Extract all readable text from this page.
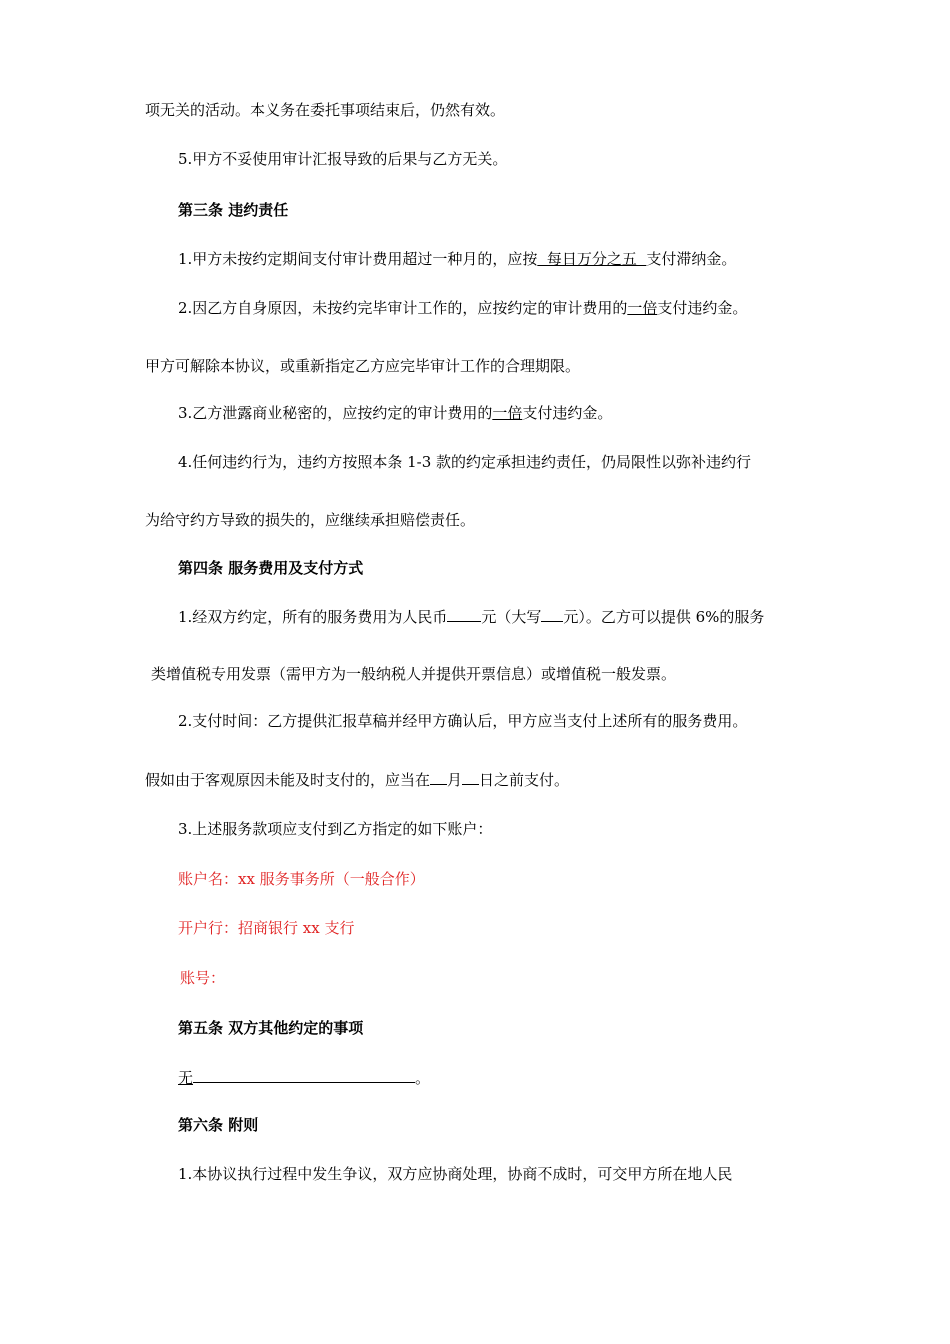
项无关的活动。本义务在委托事项结束后，仍然有效。
5.甲方不妥使用审计汇报导致的后果与乙方无关。
第三条 违约责任
1.甲方未按约定期间支付审计费用超过一种月的，应按  每日万分之五  支付滞纳金。
2.因乙方自身原因，未按约完毕审计工作的，应按约定的审计费用的一倍支付违约金。
甲方可解除本协议，或重新指定乙方应完毕审计工作的合理期限。
3.乙方泄露商业秘密的，应按约定的审计费用的一倍支付违约金。
4.任何违约行为，违约方按照本条 1-3 款的约定承担违约责任，仍局限性以弥补违约行
为给守约方导致的损失的，应继续承担赔偿责任。
第四条 服务费用及支付方式
1.经双方约定，所有的服务费用为人民币 元（大写 元）。乙方可以提供 6%的服务
类增值税专用发票（需甲方为一般纳税人并提供开票信息）或增值税一般发票。
2.支付时间：乙方提供汇报草稿并经甲方确认后，甲方应当支付上述所有的服务费用。
假如由于客观原因未能及时支付的，应当在 月 日之前支付。
3.上述服务款项应支付到乙方指定的如下账户：
账户名：xx 服务事务所（一般合作）
开户行：招商银行 xx 支行
账号：
第五条 双方其他约定的事项
无	。
第六条 附则
1.本协议执行过程中发生争议，双方应协商处理，协商不成时，可交甲方所在地人民
